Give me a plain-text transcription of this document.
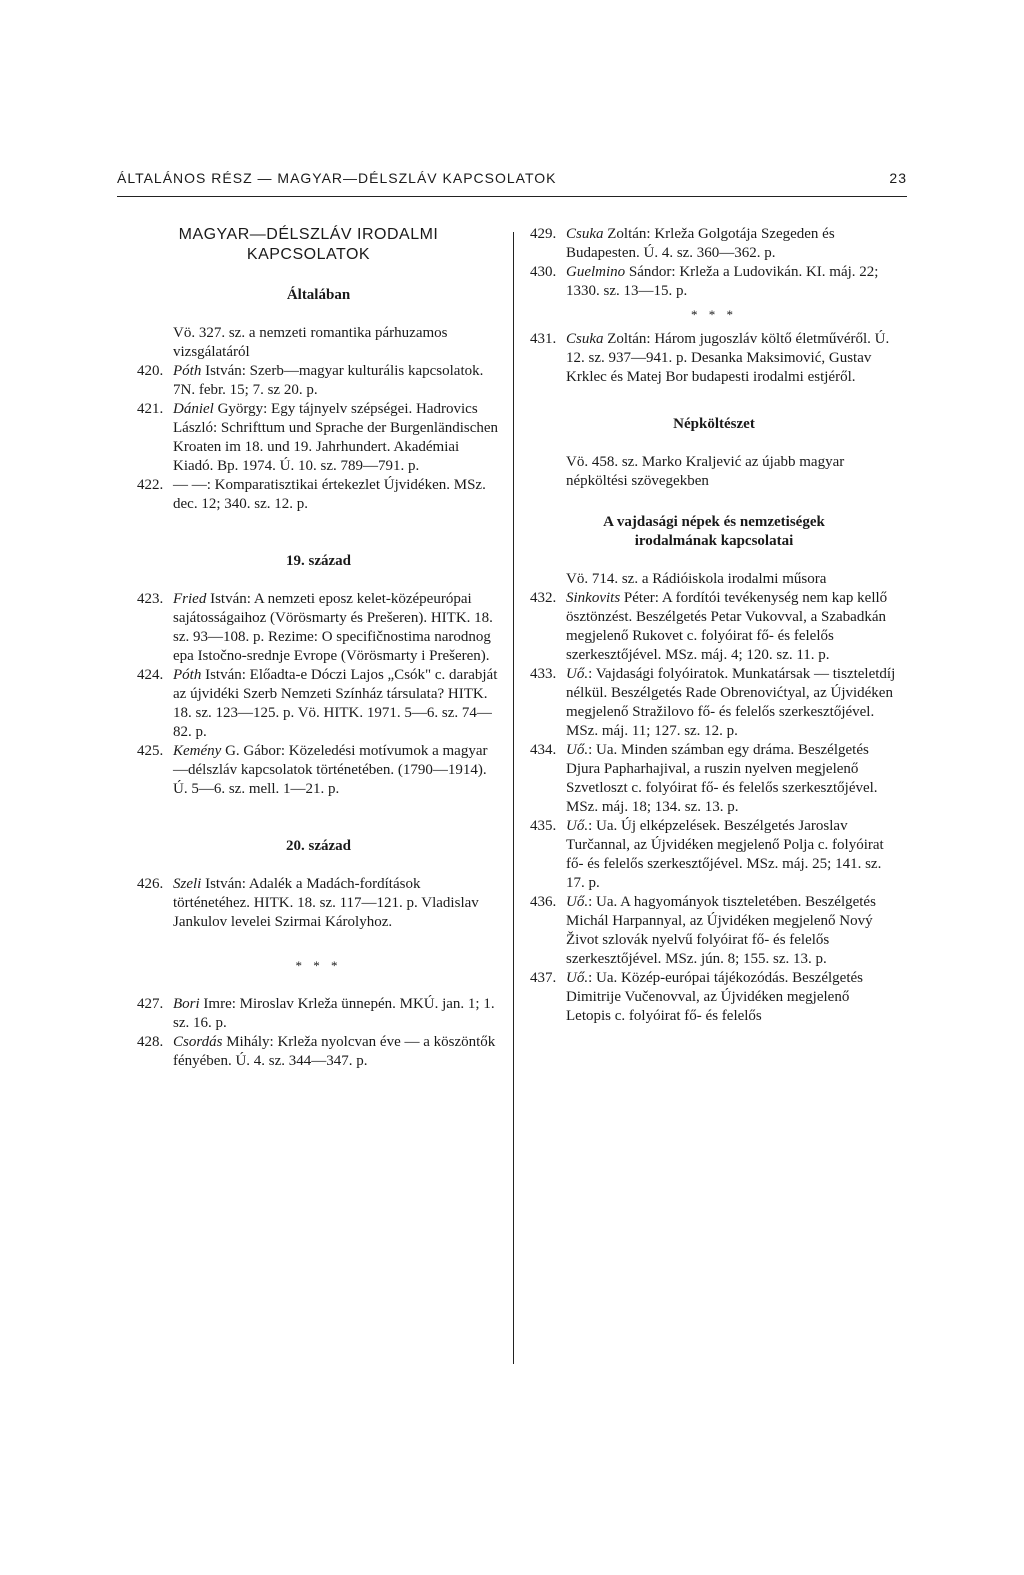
ÁLTALÁNOS RÉSZ — MAGYAR—DÉLSZLÁV KAPCSOLATOK	23
MAGYAR—DÉLSZLÁV IRODALMI
KAPCSOLATOK
Általában

Vö. 327. sz. a nemzeti romantika párhuzamos vizsgálatáról

420. Póth István: Szerb—magyar kulturális kapcsolatok. 7N. febr. 15; 7. sz 20. p.
421. Dániel György: Egy tájnyelv szépségei. Hadrovics László: Schrifttum und Sprache der Burgenländischen Kroaten im 18. und 19. Jahrhundert. Akadémiai Kiadó. Bp. 1974. Ú. 10. sz. 789—791. p.
422. — —: Komparatisztikai értekezlet Újvidéken. MSz. dec. 12; 340. sz. 12. p.
19. század
423. Fried István: A nemzeti eposz kelet-középeurópai sajátosságaihoz (Vörösmarty és Prešeren). HITK. 18. sz. 93—108. p. Rezime: O specifičnostima narodnog epa Istočno-srednje Evrope (Vörösmarty i Prešeren).
424. Póth István: Előadta-e Dóczi Lajos „Csók" c. darabját az újvidéki Szerb Nemzeti Színház társulata? HITK. 18. sz. 123—125. p. Vö. HITK. 1971. 5—6. sz. 74—82. p.
425. Kemény G. Gábor: Közeledési motívumok a magyar—délszláv kapcsolatok történetében. (1790—1914). Ú. 5—6. sz. mell. 1—21. p.
20. század
426. Szeli István: Adalék a Madách-fordítások történetéhez. HITK. 18. sz. 117—121. p. Vladislav Jankulov levelei Szirmai Károlyhoz.
* * *
427. Bori Imre: Miroslav Krleža ünnepén. MKÚ. jan. 1; 1. sz. 16. p.
428. Csordás Mihály: Krleža nyolcvan éve — a köszöntők fényében. Ú. 4. sz. 344—347. p.
429. Csuka Zoltán: Krleža Golgotája Szegeden és Budapesten. Ú. 4. sz. 360—362. p.
430. Guelmino Sándor: Krleža a Ludovikán. KI. máj. 22; 1330. sz. 13—15. p.
* * *
431. Csuka Zoltán: Három jugoszláv költő életművéről. Ú. 12. sz. 937—941. p. Desanka Maksimović, Gustav Krklec és Matej Bor budapesti irodalmi estjéről.
Népköltészet

Vö. 458. sz. Marko Kraljević az újabb magyar népköltési szövegekben

A vajdasági népek és nemzetiségek
irodalmának kapcsolatai

Vö. 714. sz. a Rádióiskola irodalmi műsora

432. Sinkovits Péter: A fordítói tevékenység nem kap kellő ösztönzést. Beszélgetés Petar Vukovval, a Szabadkán megjelenő Rukovet c. folyóirat fő- és felelős szerkesztőjével. MSz. máj. 4; 120. sz. 11. p.
433. Uő.: Vajdasági folyóiratok. Munkatársak — tiszteletdíj nélkül. Beszélgetés Rade Obrenovićtyal, az Újvidéken megjelenő Stražilovo fő- és felelős szerkesztőjével. MSz. máj. 11; 127. sz. 12. p.
434. Uő.: Ua. Minden számban egy dráma. Beszélgetés Djura Papharhajival, a ruszin nyelven megjelenő Szvetloszt c. folyóirat fő- és felelős szerkesztőjével. MSz. máj. 18; 134. sz. 13. p.
435. Uő.: Ua. Új elképzelések. Beszélgetés Jaroslav Turčannal, az Újvidéken megjelenő Polja c. folyóirat fő- és felelős szerkesztőjével. MSz. máj. 25; 141. sz. 17. p.
436. Uő.: Ua. A hagyományok tiszteletében. Beszélgetés Michál Harpannyal, az Újvidéken megjelenő Nový Život szlovák nyelvű folyóirat fő- és felelős szerkesztőjével. MSz. jún. 8; 155. sz. 13. p.
437. Uő.: Ua. Közép-európai tájékozódás. Beszélgetés Dimitrije Vučenovval, az Újvidéken megjelenő Letopis c. folyóirat fő- és felelős
